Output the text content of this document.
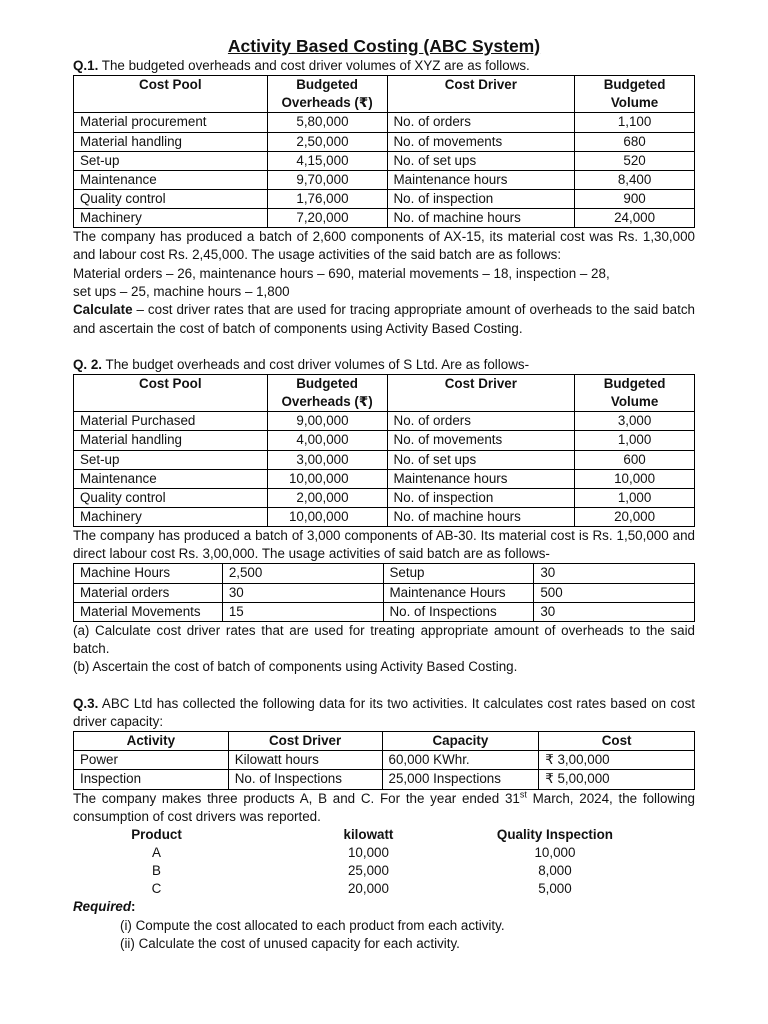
Activity Based Costing (ABC System)

Q.1. The budgeted overheads and cost driver volumes of XYZ are as follows.

Cost Pool	Budgeted Overheads (₹)	Cost Driver	Budgeted Volume
Material procurement	5,80,000	No. of orders	1,100
Material handling	2,50,000	No. of movements	680
Set-up	4,15,000	No. of set ups	520
Maintenance	9,70,000	Maintenance hours	8,400
Quality control	1,76,000	No. of inspection	900
Machinery	7,20,000	No. of machine hours	24,000

The company has produced a batch of 2,600 components of AX-15, its material cost was Rs. 1,30,000 and labour cost Rs. 2,45,000. The usage activities of the said batch are as follows:

Material orders – 26, maintenance hours – 690, material movements – 18, inspection – 28,

set ups – 25, machine hours – 1,800

Calculate – cost driver rates that are used for tracing appropriate amount of overheads to the said batch and ascertain the cost of batch of components using Activity Based Costing.

Q. 2. The budget overheads and cost driver volumes of S Ltd. Are as follows-

Cost Pool	Budgeted Overheads (₹)	Cost Driver	Budgeted Volume
Material Purchased	9,00,000	No. of orders	3,000
Material handling	4,00,000	No. of movements	1,000
Set-up	3,00,000	No. of set ups	600
Maintenance	10,00,000	Maintenance hours	10,000
Quality control	2,00,000	No. of inspection	1,000
Machinery	10,00,000	No. of machine hours	20,000

The company has produced a batch of 3,000 components of AB-30. Its material cost is Rs. 1,50,000 and direct labour cost Rs. 3,00,000. The usage activities of said batch are as follows-

Machine Hours	2,500	Setup	30
Material orders	30	Maintenance Hours	500
Material Movements	15	No. of Inspections	30

(a) Calculate cost driver rates that are used for treating appropriate amount of overheads to the said batch.

(b) Ascertain the cost of batch of components using Activity Based Costing.

Q.3. ABC Ltd has collected the following data for its two activities. It calculates cost rates based on cost driver capacity:

Activity	Cost Driver	Capacity	Cost
Power	Kilowatt hours	60,000 KWhr.	₹ 3,00,000
Inspection	No. of Inspections	25,000 Inspections	₹ 5,00,000

The company makes three products A, B and C. For the year ended 31st March, 2024, the following consumption of cost drivers was reported.

	Product		kilowatt		Quality Inspection
	A		10,000		10,000
	B		25,000		8,000
	C		20,000		5,000

Required:

(i) Compute the cost allocated to each product from each activity.

(ii) Calculate the cost of unused capacity for each activity.
